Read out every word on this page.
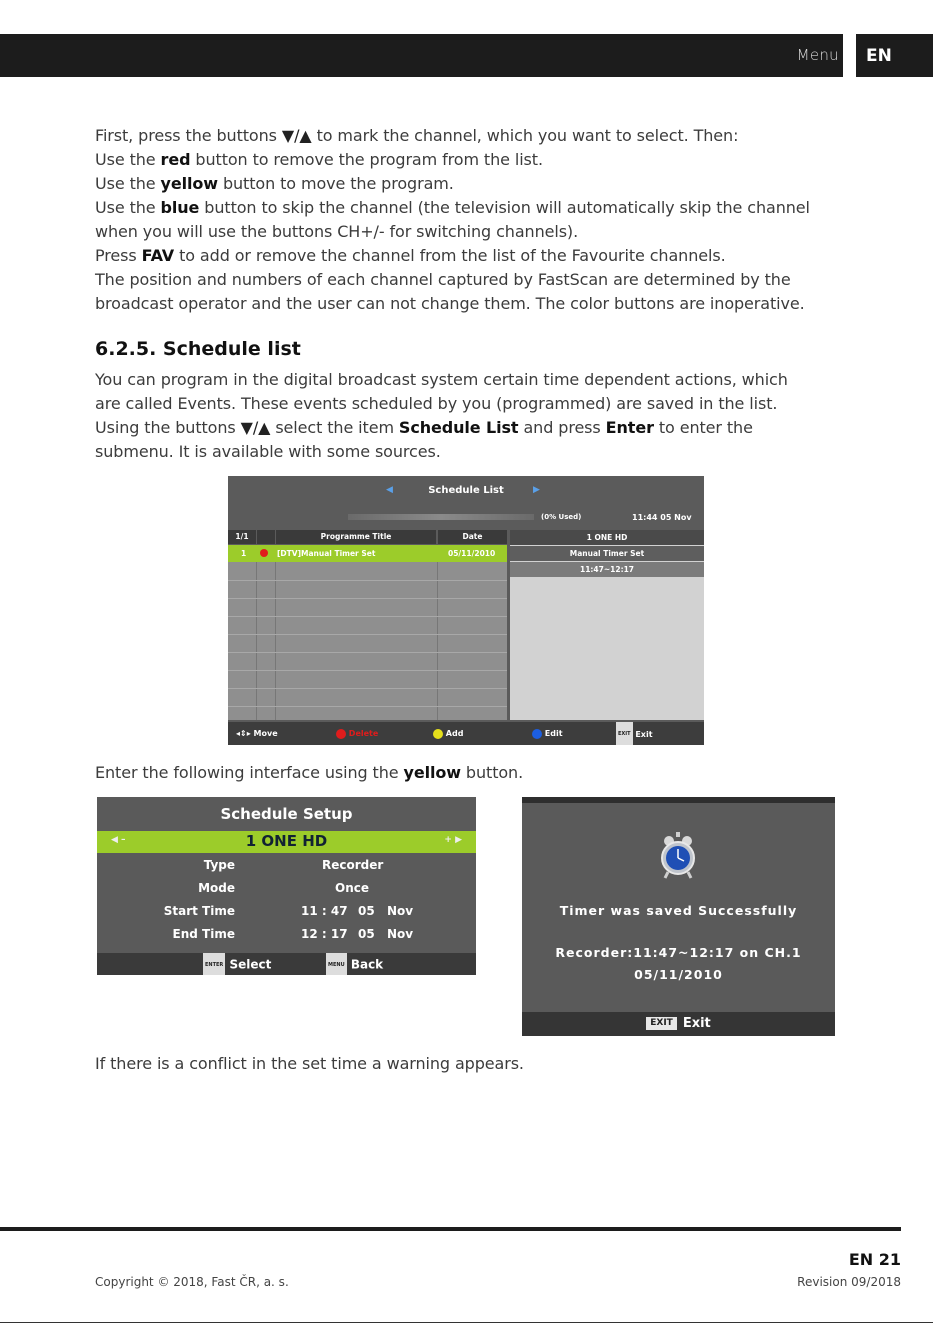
Menu	EN
First, press the buttons ▼/▲ to mark the channel, which you want to select. Then:
Use the red button to remove the program from the list.
Use the yellow button to move the program.
Use the blue button to skip the channel (the television will automatically skip the channel
when you will use the buttons CH+/- for switching channels).
Press FAV to add or remove the channel from the list of the Favourite channels.
The position and numbers of each channel captured by FastScan are determined by the
broadcast operator and the user can not change them. The color buttons are inoperative.
6.2.5. Schedule list
You can program in the digital broadcast system certain time dependent actions, which
are called Events. These events scheduled by you (programmed) are saved in the list.
Using the buttons ▼/▲ select the item Schedule List and press Enter to enter the
submenu. It is available with some sources.
◀	Schedule List	▶
(0% Used)	11:44 05 Nov
1/1	Programme Title	Date
1	[DTV]Manual Timer Set	05/11/2010
1 ONE HD
Manual Timer Set
11:47~12:17
◂⇕▸ Move	Delete	Add	Edit	EXIT Exit
Enter the following interface using the yellow button.
Schedule Setup
◀ –	1 ONE HD	+ ▶
Type	Recorder
Mode	Once
Start Time	11 : 47 05 Nov
End Time	12 : 17 05 Nov
ENTER Select	MENU Back
Timer was saved Successfully
Recorder:11:47~12:17 on CH.1
05/11/2010
EXIT Exit
If there is a conflict in the set time a warning appears.
EN 21
Copyright © 2018, Fast ČR, a. s.	Revision 09/2018
